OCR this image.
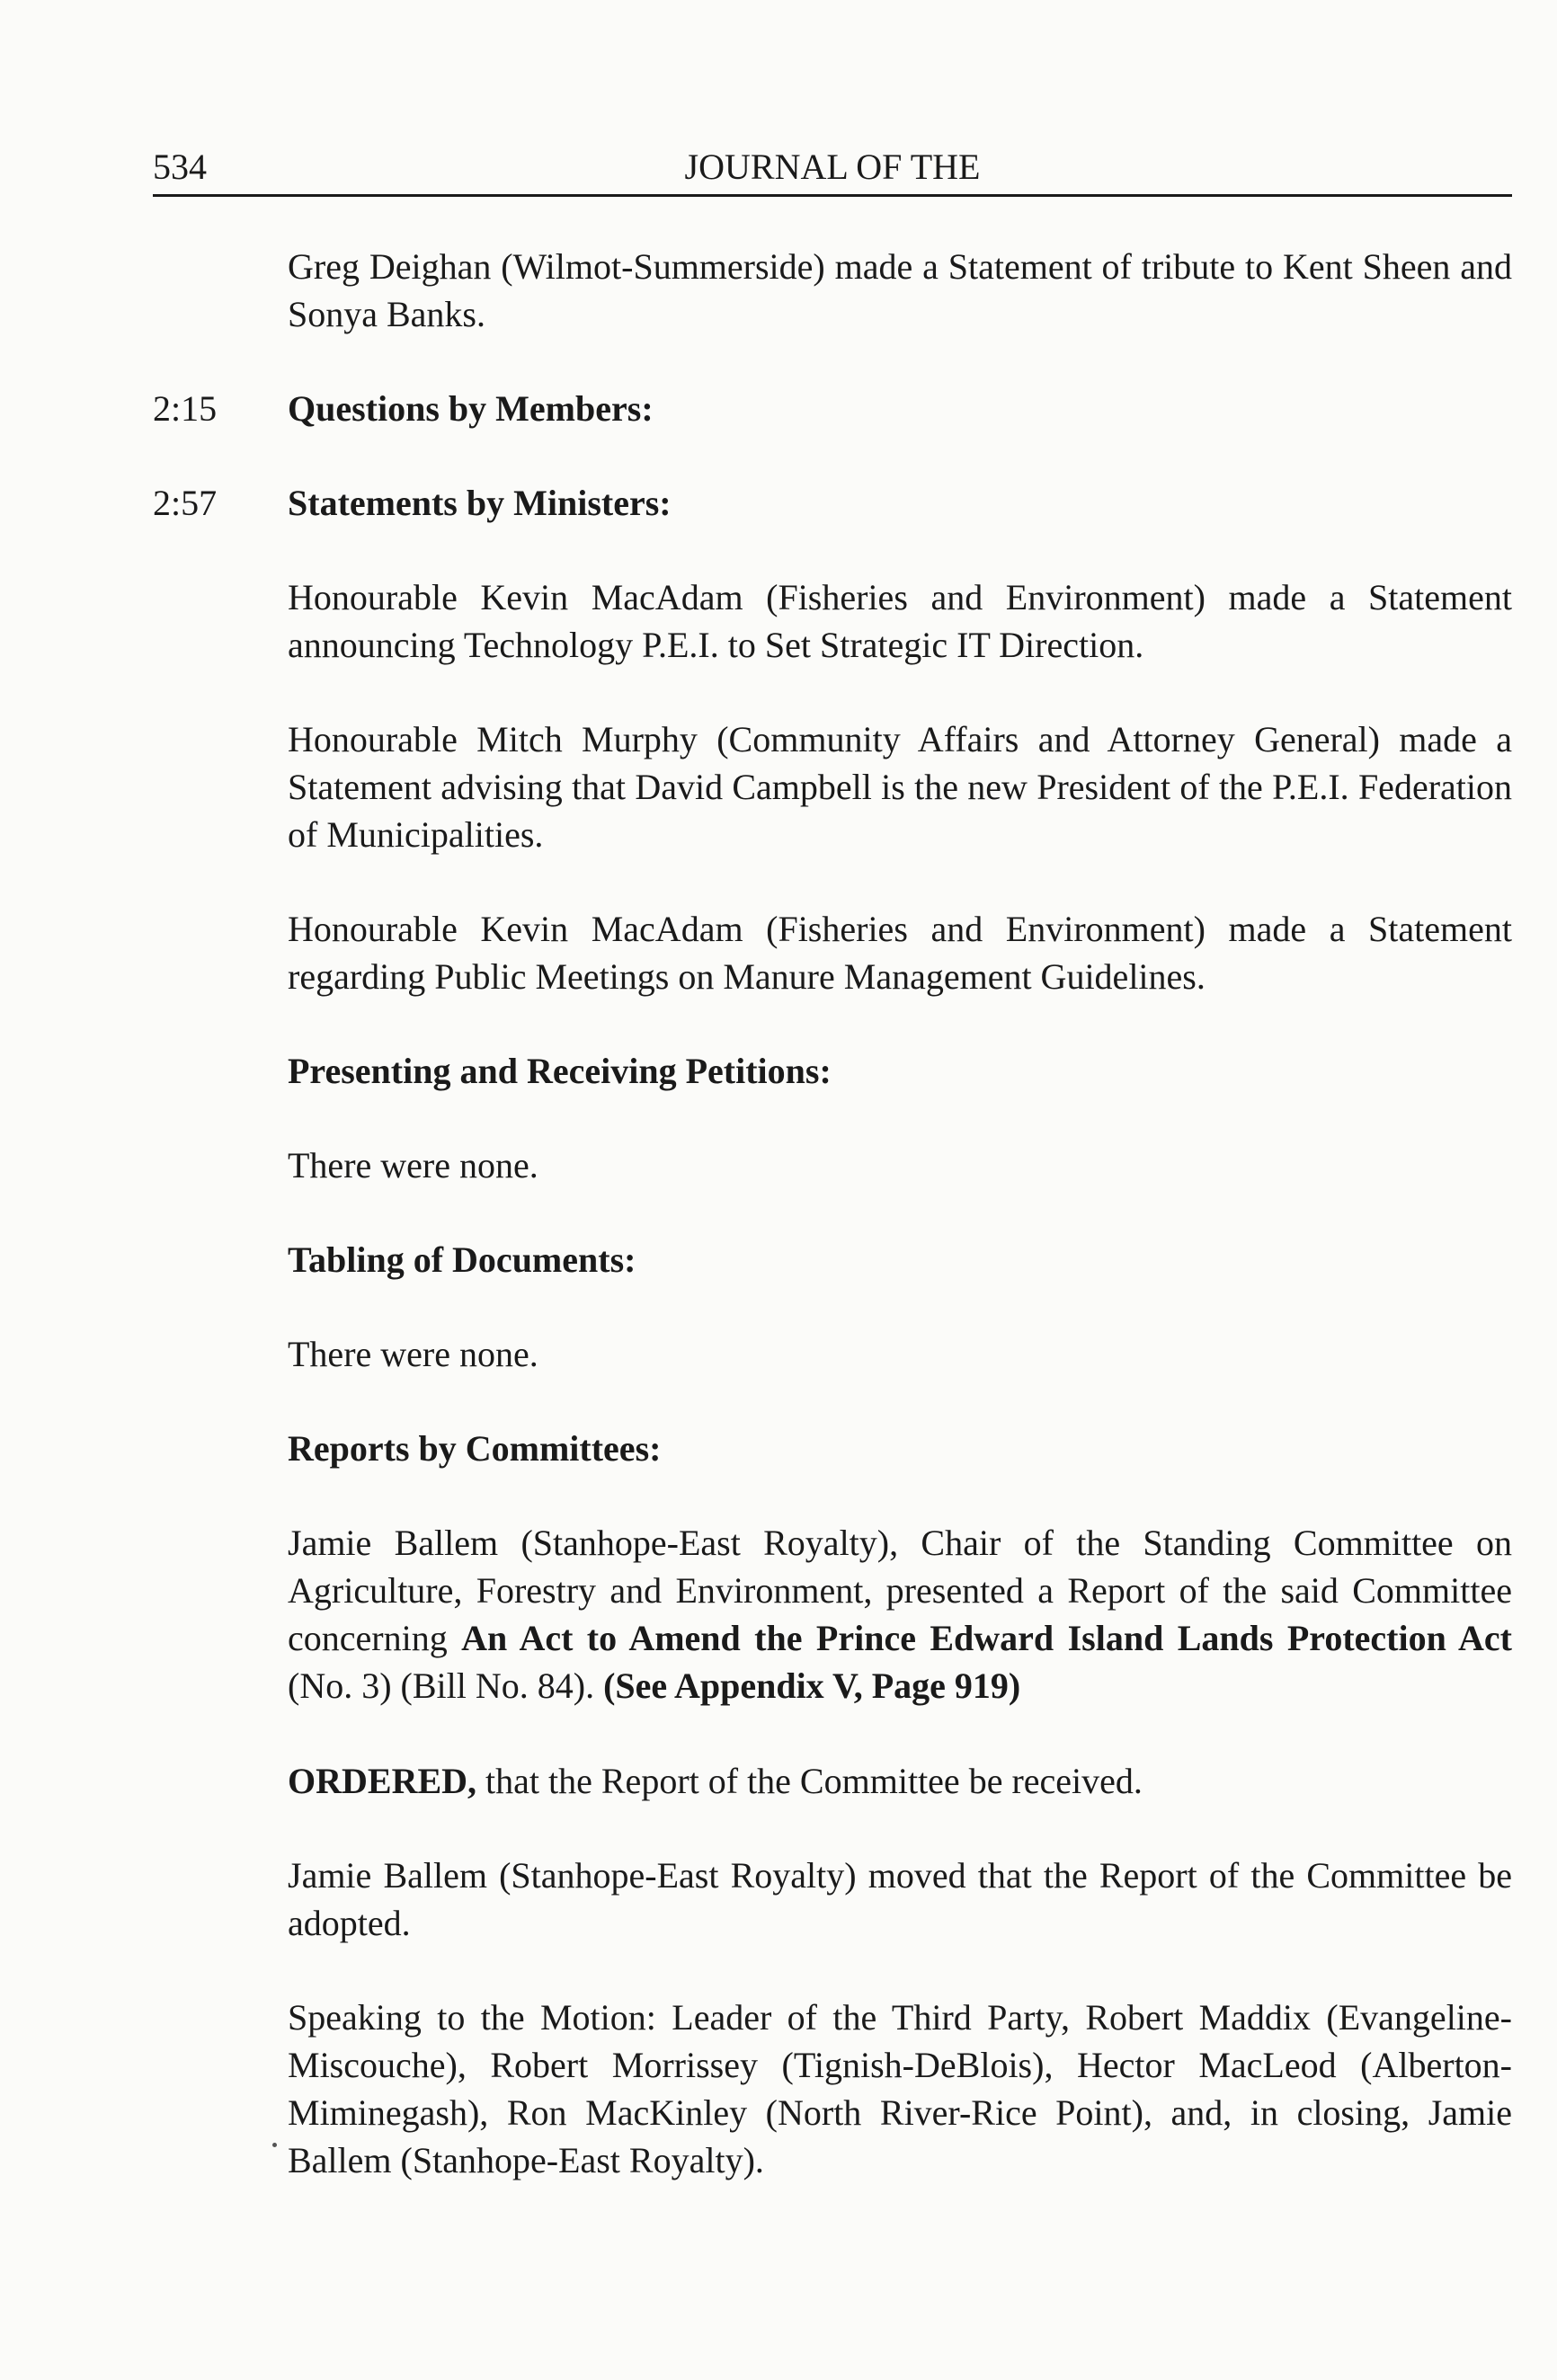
534	JOURNAL OF THE
Greg Deighan (Wilmot-Summerside) made a Statement of tribute to Kent Sheen and Sonya Banks.
2:15 Questions by Members:
2:57 Statements by Ministers:
Honourable Kevin MacAdam (Fisheries and Environment) made a Statement announcing Technology P.E.I. to Set Strategic IT Direction.
Honourable Mitch Murphy (Community Affairs and Attorney General) made a Statement advising that David Campbell is the new President of the P.E.I. Federation of Municipalities.
Honourable Kevin MacAdam (Fisheries and Environment) made a Statement regarding Public Meetings on Manure Management Guidelines.
Presenting and Receiving Petitions:
There were none.
Tabling of Documents:
There were none.
Reports by Committees:
Jamie Ballem (Stanhope-East Royalty), Chair of the Standing Committee on Agriculture, Forestry and Environment, presented a Report of the said Committee concerning An Act to Amend the Prince Edward Island Lands Protection Act (No. 3) (Bill No. 84). (See Appendix V, Page 919)
ORDERED, that the Report of the Committee be received.
Jamie Ballem (Stanhope-East Royalty) moved that the Report of the Committee be adopted.
Speaking to the Motion: Leader of the Third Party, Robert Maddix (Evangeline-Miscouche), Robert Morrissey (Tignish-DeBlois), Hector MacLeod (Alberton-Miminegash), Ron MacKinley (North River-Rice Point), and, in closing, Jamie Ballem (Stanhope-East Royalty).
